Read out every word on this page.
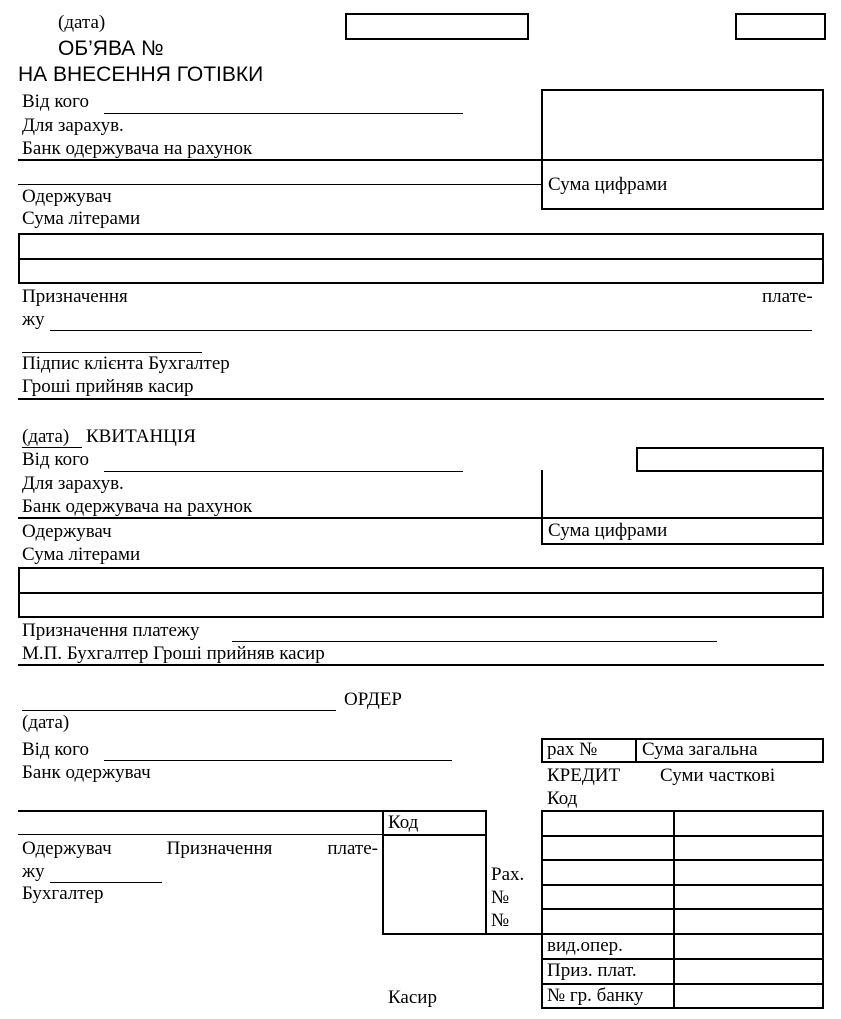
(дата)
ОБ’ЯВА №
НА ВНЕСЕННЯ ГОТІВКИ
Від кого
Для зарахув.
Банк одержувача на рахунок
Сума цифрами
Одержувач
Сума літерами
Призначення	плате-
жу
Підпис клієнта Бухгалтер
Гроші прийняв касир
(дата) КВИТАНЦІЯ
Від кого
Для зарахув.
Банк одержувача на рахунок
Одержувач	Сума цифрами
Сума літерами
Призначення платежу
М.П. Бухгалтер Гроші прийняв касир
ОРДЕР
(дата)
Від кого
Банк одержувач
рах № Сума загальна
КРЕДИТ Суми часткові
Код
Код
Рах.
№
№
вид.опер.
Приз. плат.
№ гр. банку
Одержувач Призначення плате-
жу
Бухгалтер
Касир
